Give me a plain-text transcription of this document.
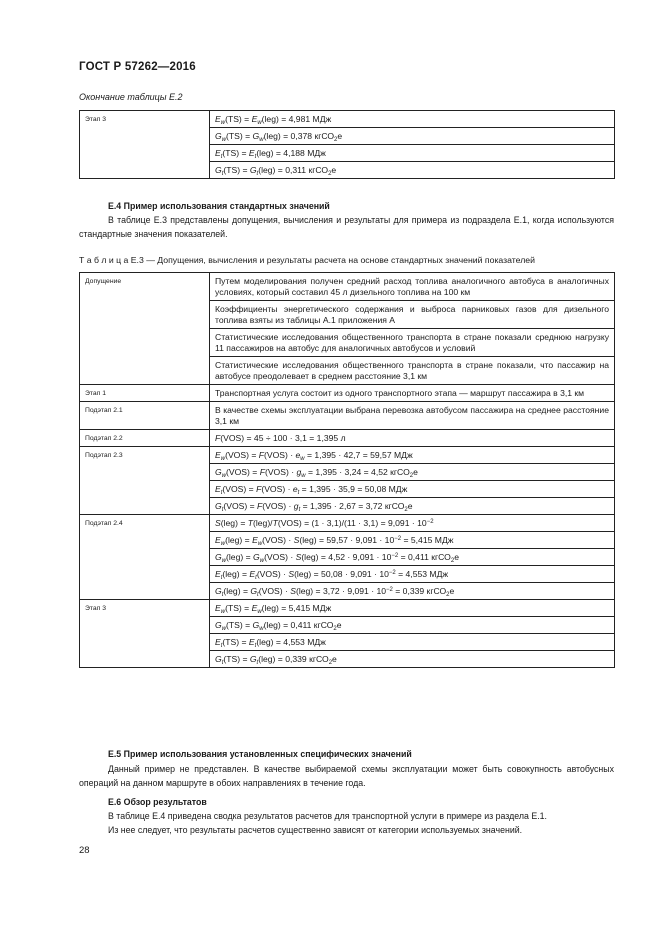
ГОСТ Р 57262—2016
Окончание таблицы Е.2
Этап 3	$E_w(TS) = E_w(leg) = 4,981$ МДж
$G_w(TS) = G_w(leg) = 0,378$ кгСО$_2$е
$E_t(TS) = E_t(leg) = 4,188$ МДж
$G_t(TS) = G_t(leg) = 0,311$ кгСО$_2$е
Е.4 Пример использования стандартных значений
В таблице Е.3 представлены допущения, вычисления и результаты для примера из подраздела Е.1, когда используются стандартные значения показателей.
Т а б л и ц а Е.3 — Допущения, вычисления и результаты расчета на основе стандартных значений показателей
Допущение	Путем моделирования получен средний расход топлива аналогичного автобуса в аналогичных условиях, который составил 45 л дизельного топлива на 100 км
Коэффициенты энергетического содержания и выброса парниковых газов для дизельного топлива взяты из таблицы А.1 приложения А
Статистические исследования общественного транспорта в стране показали среднюю нагрузку 11 пассажиров на автобус для аналогичных автобусов и условий
Статистические исследования общественного транспорта в стране показали, что пассажир на автобусе преодолевает в среднем расстояние 3,1 км

Этап 1	Транспортная услуга состоит из одного транспортного этапа — маршрут пассажира в 3,1 км

Подэтап 2.1	В качестве схемы эксплуатации выбрана перевозка автобусом пассажира на среднее расстояние 3,1 км

Подэтап 2.2	F(VOS) = 45 ÷ 100 · 3,1 = 1,395 л

Подэтап 2.3	$E_w(VOS) = F(VOS) \cdot e_w = 1,395 \cdot 42,7 = 59,57$ МДж
$G_w(VOS) = F(VOS) \cdot g_w = 1,395 \cdot 3,24 = 4,52$ кгСО$_2$е
$E_t(VOS) = F(VOS) \cdot e_t = 1,395 \cdot 35,9 = 50,08$ МДж
$G_t(VOS) = F(VOS) \cdot g_t = 1,395 \cdot 2,67 = 3,72$ кгСО$_2$е

Подэтап 2.4	$S(leg) = T(leg)/T(VOS) = (1 \cdot 3,1)/(11 \cdot 3,1) = 9,091 \cdot 10^{-2}$
$E_w(leg) = E_w(VOS) \cdot S(leg) = 59,57 \cdot 9,091 \cdot 10^{-2} = 5,415$ МДж
$G_w(leg) = G_w(VOS) \cdot S(leg) = 4,52 \cdot 9,091 \cdot 10^{-2} = 0,411$ кгСО$_2$е
$E_t(leg) = E_t(VOS) \cdot S(leg) = 50,08 \cdot 9,091 \cdot 10^{-2} = 4,553$ МДж
$G_t(leg) = G_t(VOS) \cdot S(leg) = 3,72 \cdot 9,091 \cdot 10^{-2} = 0,339$ кгСО$_2$е

Этап 3	$E_w(TS) = E_w(leg) = 5,415$ МДж
$G_w(TS) = G_w(leg) = 0,411$ кгСО$_2$е
$E_t(TS) = E_t(leg) = 4,553$ МДж
$G_t(TS) = G_t(leg) = 0,339$ кгСО$_2$е
Е.5 Пример использования установленных специфических значений
Данный пример не представлен. В качестве выбираемой схемы эксплуатации может быть совокупность автобусных операций на данном маршруте в обоих направлениях в течение года.
Е.6 Обзор результатов
В таблице Е.4 приведена сводка результатов расчетов для транспортной услуги в примере из раздела Е.1.
Из нее следует, что результаты расчетов существенно зависят от категории используемых значений.
28
